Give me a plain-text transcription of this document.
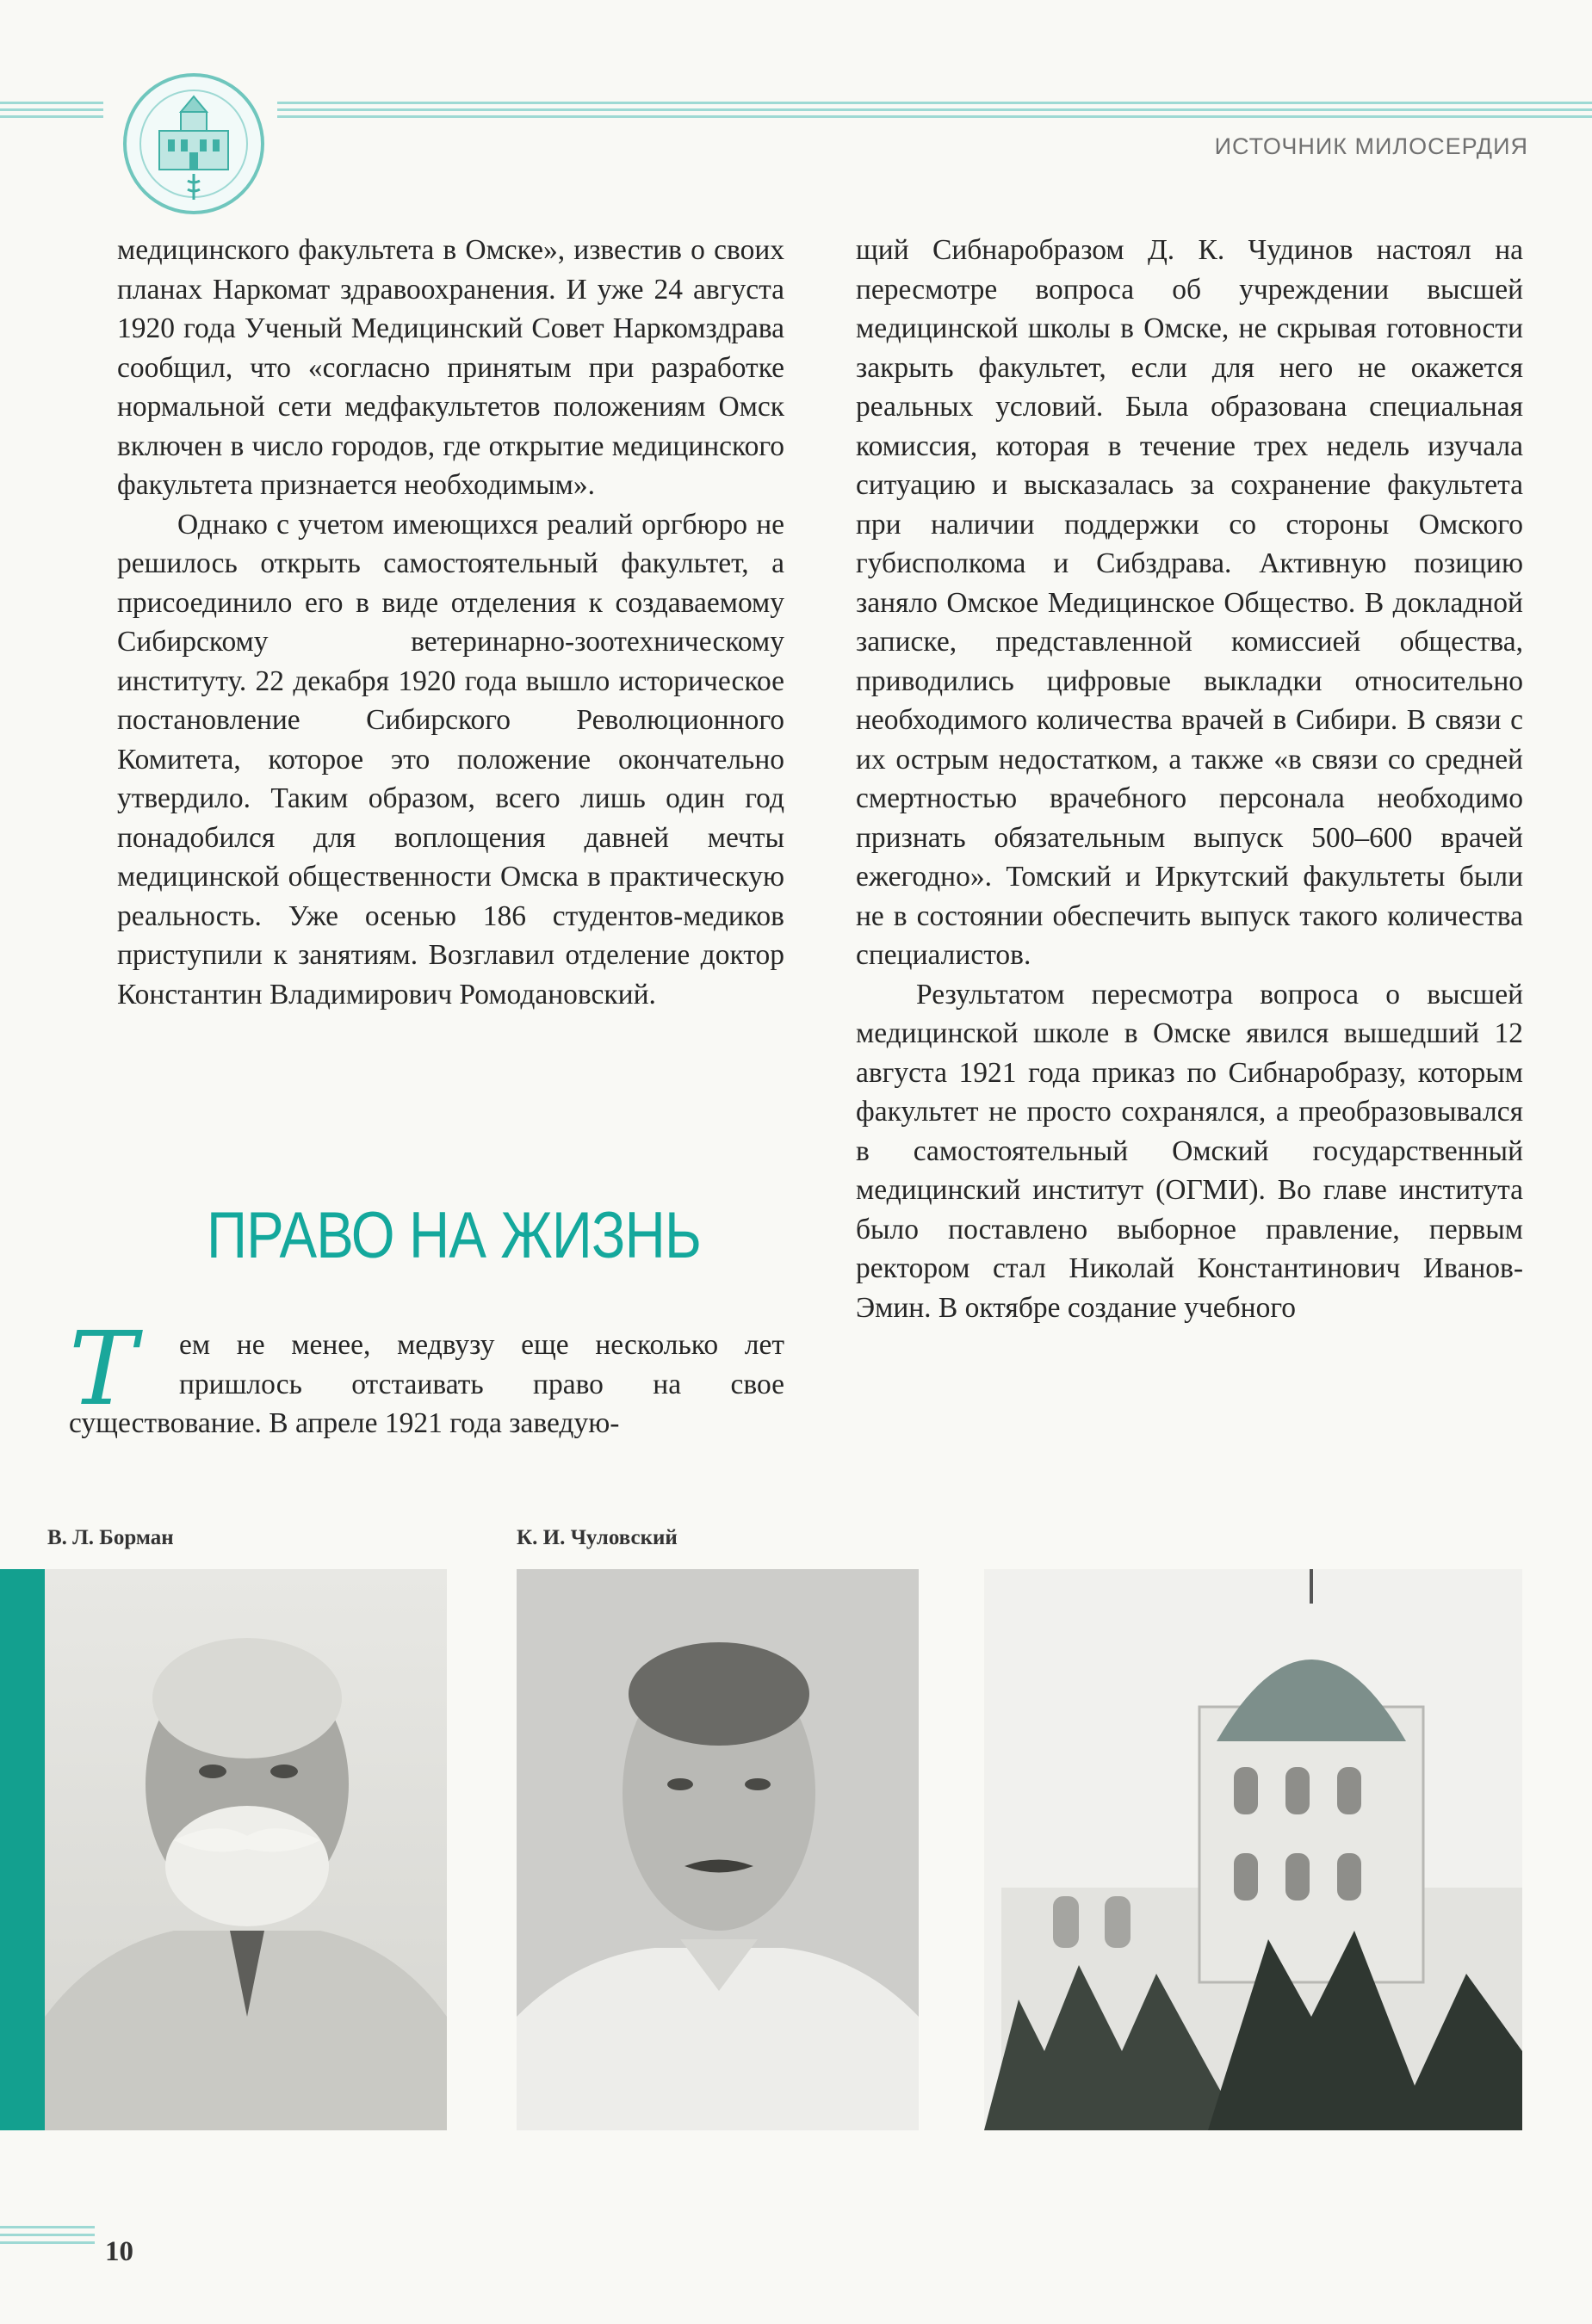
ИСТОЧНИК МИЛОСЕРДИЯ

медицинского факультета в Омске», известив о своих планах Наркомат здравоохранения. И уже 24 августа 1920 года Ученый Медицинский Совет Наркомздрава сообщил, что «согласно принятым при разработке нормальной сети медфакультетов положениям Омск включен в число городов, где открытие медицинского факультета признается необходимым».

Однако с учетом имеющихся реалий оргбюро не решилось открыть самостоятельный факультет, а присоединило его в виде отделения к создаваемому Сибирскому ветеринарно-зоотехническому институту. 22 декабря 1920 года вышло историческое постановление Сибирского Революционного Комитета, которое это положение окончательно утвердило. Таким образом, всего лишь один год понадобился для воплощения давней мечты медицинской общественности Омска в практическую реальность. Уже осенью 186 студентов-медиков приступили к занятиям. Возглавил отделение доктор Константин Владимирович Ромодановский.

ПРАВО НА ЖИЗНЬ
Т	ем не менее, медвузу еще несколько лет пришлось отстаивать право на свое существование. В апреле 1921 года заведую-

щий Сибнаробразом Д. К. Чудинов настоял на пересмотре вопроса об учреждении высшей медицинской школы в Омске, не скрывая готовности закрыть факультет, если для него не окажется реальных условий. Была образована специальная комиссия, которая в течение трех недель изучала ситуацию и высказалась за сохранение факультета при наличии поддержки со стороны Омского губисполкома и Сибздрава. Активную позицию заняло Омское Медицинское Общество. В докладной записке, представленной комиссией общества, приводились цифровые выкладки относительно необходимого количества врачей в Сибири. В связи с их острым недостатком, а также «в связи со средней смертностью врачебного персонала необходимо признать обязательным выпуск 500–600 врачей ежегодно». Томский и Иркутский факультеты были не в состоянии обеспечить выпуск такого количества специалистов.

Результатом пересмотра вопроса о высшей медицинской школе в Омске явился вышедший 12 августа 1921 года приказ по Сибнаробразу, которым факультет не просто сохранялся, а преобразовывался в самостоятельный Омский государственный медицинский институт (ОГМИ). Во главе института было поставлено выборное правление, первым ректором стал Николай Константинович Иванов-Эмин. В октябре создание учебного

В. Л. Борман	К. И. Чуловский
10
